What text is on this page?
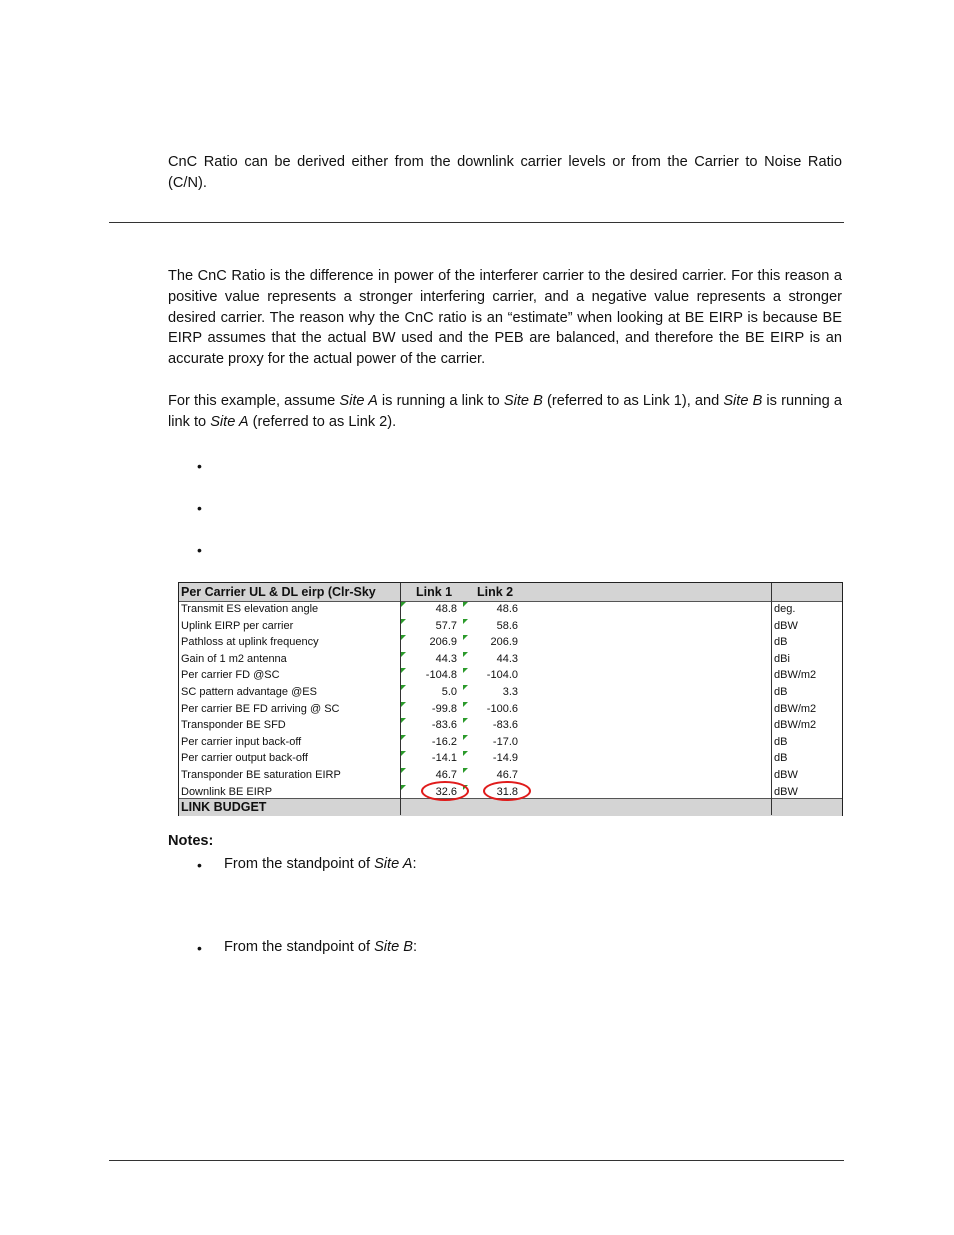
CnC Ratio can be derived either from the downlink carrier levels or from the Carrier to Noise Ratio (C/N).
The CnC Ratio is the difference in power of the interferer carrier to the desired carrier. For this reason a positive value represents a stronger interfering carrier, and a negative value represents a stronger desired carrier. The reason why the CnC ratio is an “estimate” when looking at BE EIRP is because BE EIRP assumes that the actual BW used and the PEB are balanced, and therefore the BE EIRP is an accurate proxy for the actual power of the carrier.
For this example, assume Site A is running a link to Site B (referred to as Link 1), and Site B is running a link to Site A (referred to as Link 2).
•
•
•
Per Carrier UL & DL eirp (Clr-Sky	Link 1 Link 2
Transmit ES elevation angle	48.8	48.6	deg.
Uplink EIRP per carrier	57.7	58.6	dBW
Pathloss at uplink frequency	206.9	206.9	dB
Gain of 1 m2 antenna	44.3	44.3	dBi
Per carrier FD @SC	-104.8	-104.0	dBW/m2
SC pattern advantage @ES	5.0	3.3	dB
Per carrier BE FD arriving @ SC	-99.8	-100.6	dBW/m2
Transponder BE SFD	-83.6	-83.6	dBW/m2
Per carrier input back-off	-16.2	-17.0	dB
Per carrier output back-off	-14.1	-14.9	dB
Transponder BE saturation EIRP	46.7	46.7	dBW
Downlink BE EIRP	32.6	31.8	dBW
LINK BUDGET
Notes:
• From the standpoint of Site A:
• From the standpoint of Site B:
